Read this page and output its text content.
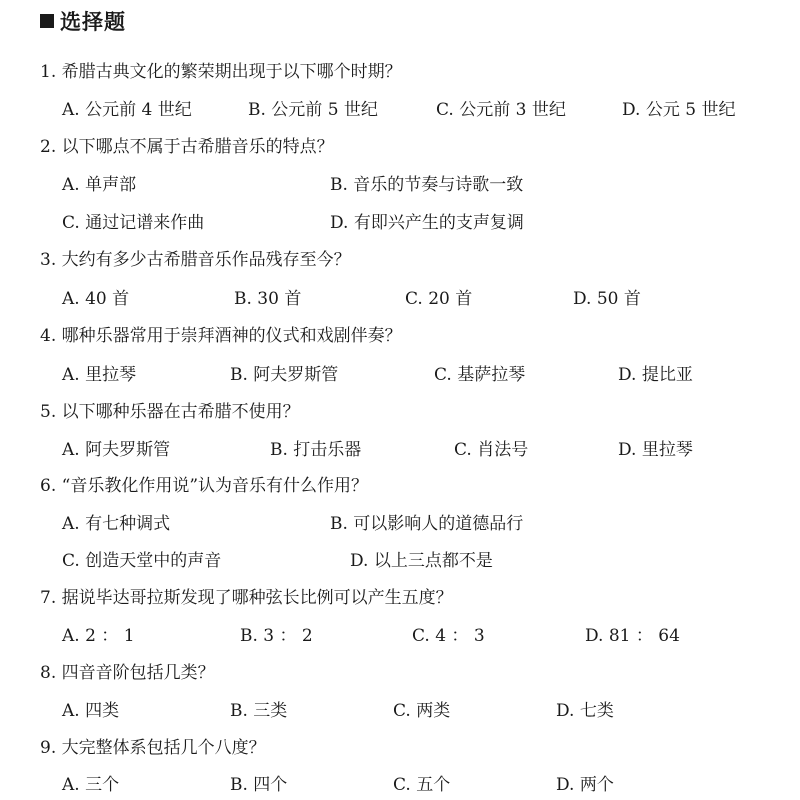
选择题
1. 希腊古典文化的繁荣期出现于以下哪个时期？
A. 公元前 4 世纪	B. 公元前 5 世纪	C. 公元前 3 世纪	D. 公元 5 世纪
2. 以下哪点不属于古希腊音乐的特点？
A. 单声部	B. 音乐的节奏与诗歌一致
C. 通过记谱来作曲	D. 有即兴产生的支声复调
3. 大约有多少古希腊音乐作品残存至今？
A. 40 首	B. 30 首	C. 20 首	D. 50 首
4. 哪种乐器常用于崇拜酒神的仪式和戏剧伴奏？
A. 里拉琴	B. 阿夫罗斯管	C. 基萨拉琴	D. 提比亚
5. 以下哪种乐器在古希腊不使用？
A. 阿夫罗斯管	B. 打击乐器	C. 肖法号	D. 里拉琴
6. “音乐教化作用说”认为音乐有什么作用？
A. 有七种调式	B. 可以影响人的道德品行
C. 创造天堂中的声音	D. 以上三点都不是
7. 据说毕达哥拉斯发现了哪种弦长比例可以产生五度？
A. 2 ： 1	B. 3 ： 2	C. 4 ： 3	D. 81 ： 64
8. 四音音阶包括几类？
A. 四类	B. 三类	C. 两类	D. 七类
9. 大完整体系包括几个八度？
A. 三个	B. 四个	C. 五个	D. 两个
